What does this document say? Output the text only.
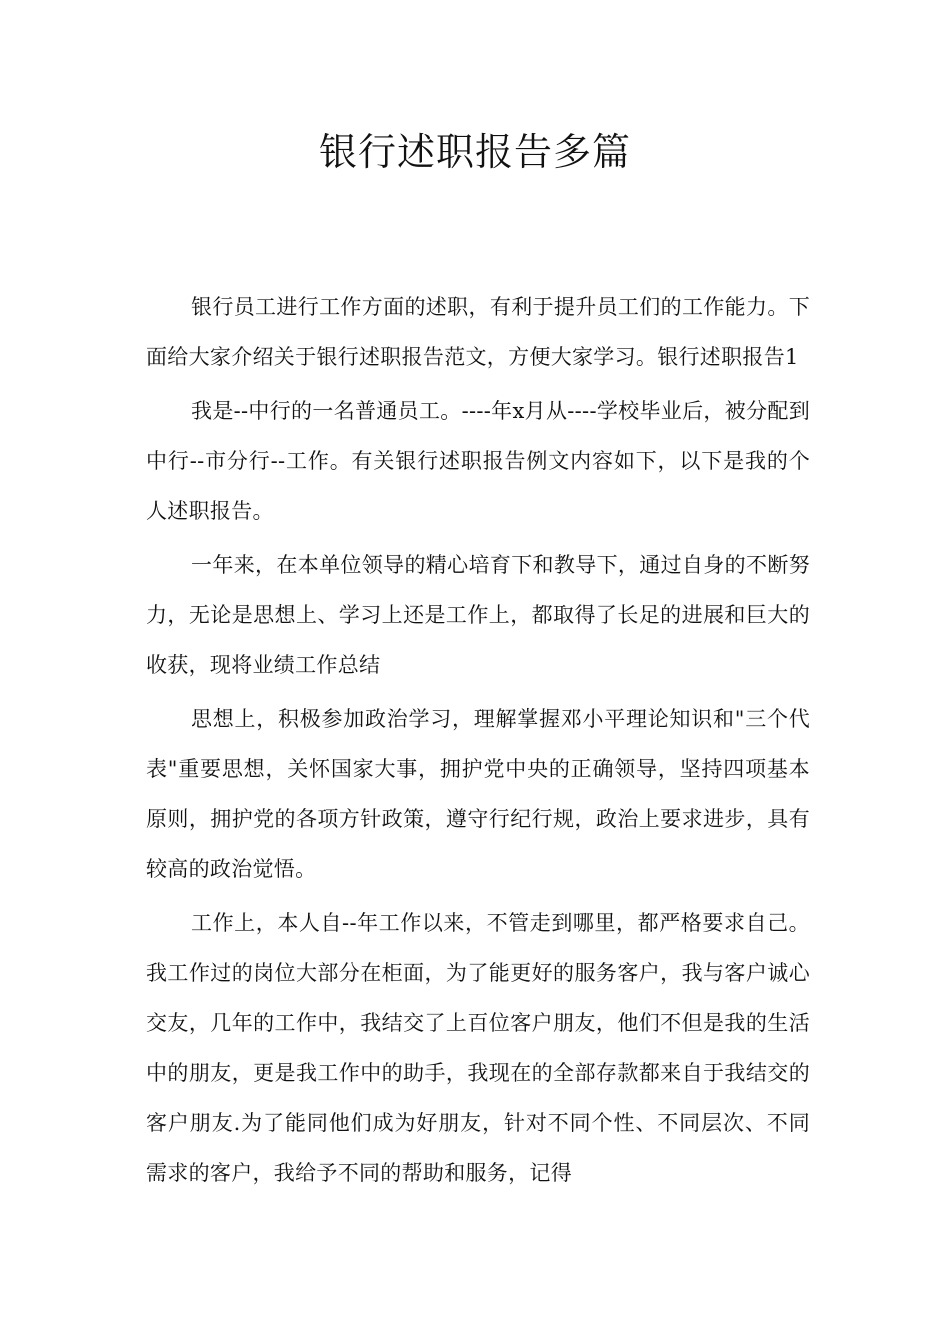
银行述职报告多篇

银行员工进行工作方面的述职，有利于提升员工们的工作能力。下面给大家介绍关于银行述职报告范文，方便大家学习。银行述职报告1

我是--中行的一名普通员工。----年x月从----学校毕业后，被分配到中行--市分行--工作。有关银行述职报告例文内容如下，以下是我的个人述职报告。

一年来，在本单位领导的精心培育下和教导下，通过自身的不断努力，无论是思想上、学习上还是工作上，都取得了长足的进展和巨大的收获，现将业绩工作总结

思想上，积极参加政治学习，理解掌握邓小平理论知识和"三个代表"重要思想，关怀国家大事，拥护党中央的正确领导，坚持四项基本原则，拥护党的各项方针政策，遵守行纪行规，政治上要求进步，具有较高的政治觉悟。

工作上，本人自--年工作以来，不管走到哪里，都严格要求自己。我工作过的岗位大部分在柜面，为了能更好的服务客户，我与客户诚心交友，几年的工作中，我结交了上百位客户朋友，他们不但是我的生活中的朋友，更是我工作中的助手，我现在的全部存款都来自于我结交的客户朋友.为了能同他们成为好朋友，针对不同个性、不同层次、不同需求的客户，我给予不同的帮助和服务，记得
